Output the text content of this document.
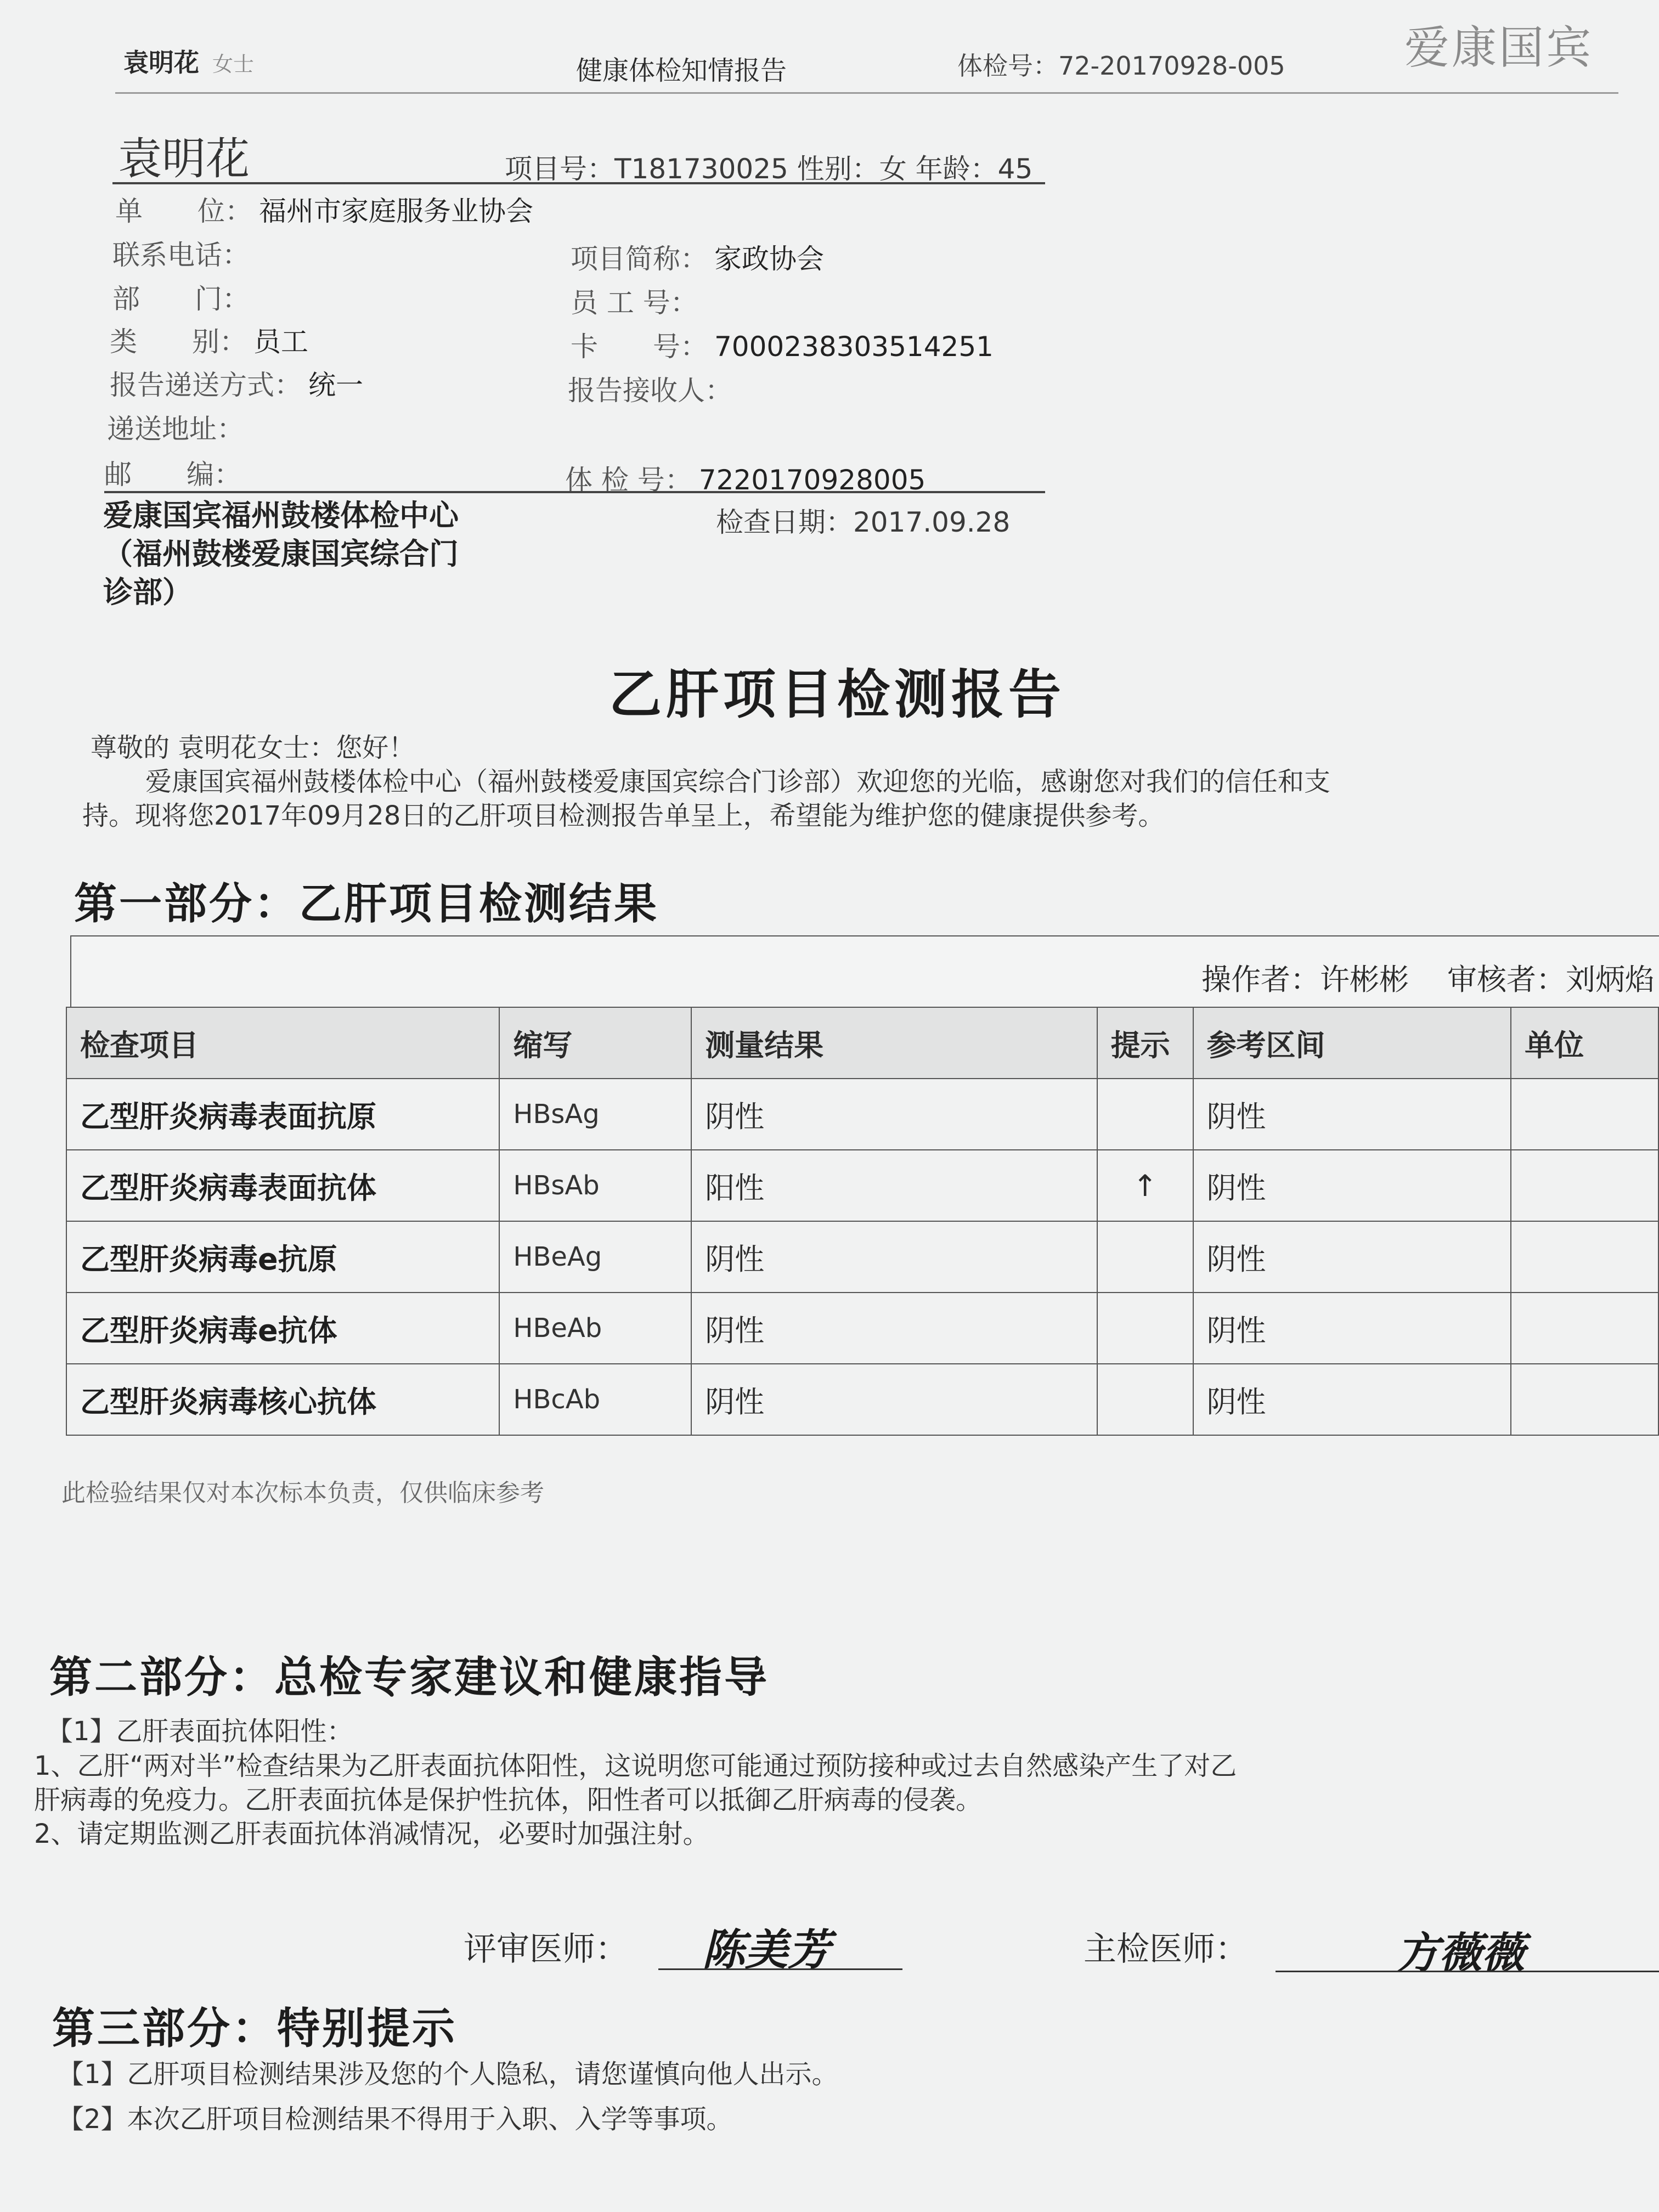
袁明花 女士	健康体检知情报告	体检号：72-20170928-005	爱康国宾
袁明花	项目号：T181730025 性别：女 年龄：45
单　　位： 福州市家庭服务业协会
联系电话：	项目简称： 家政协会
部　　门：	员 工 号：
类　　别： 员工	卡　　号： 7000238303514251
报告递送方式： 统一	报告接收人：
递送地址：
邮　　编：	体 检 号： 7220170928005
爱康国宾福州鼓楼体检中心
（福州鼓楼爱康国宾综合门
诊部）
检查日期：2017.09.28
乙肝项目检测报告
尊敬的 袁明花女士：您好！
爱康国宾福州鼓楼体检中心（福州鼓楼爱康国宾综合门诊部）欢迎您的光临，感谢您对我们的信任和支
持。现将您2017年09月28日的乙肝项目检测报告单呈上，希望能为维护您的健康提供参考。
第一部分：乙肝项目检测结果
操作者：许彬彬 审核者：刘炳焰
检查项目	缩写	测量结果	提示	参考区间	单位
乙型肝炎病毒表面抗原	HBsAg	阴性		阴性	
乙型肝炎病毒表面抗体	HBsAb	阳性	↑	阴性	
乙型肝炎病毒e抗原	HBeAg	阴性		阴性	
乙型肝炎病毒e抗体	HBeAb	阴性		阴性	
乙型肝炎病毒核心抗体	HBcAb	阴性		阴性	
此检验结果仅对本次标本负责，仅供临床参考
第二部分：总检专家建议和健康指导
【1】乙肝表面抗体阳性：
1、乙肝“两对半”检查结果为乙肝表面抗体阳性，这说明您可能通过预防接种或过去自然感染产生了对乙
肝病毒的免疫力。乙肝表面抗体是保护性抗体，阳性者可以抵御乙肝病毒的侵袭。
2、请定期监测乙肝表面抗体消减情况，必要时加强注射。
评审医师： 陈美芳	主检医师：	方薇薇
第三部分：特别提示
【1】乙肝项目检测结果涉及您的个人隐私，请您谨慎向他人出示。
【2】本次乙肝项目检测结果不得用于入职、入学等事项。
